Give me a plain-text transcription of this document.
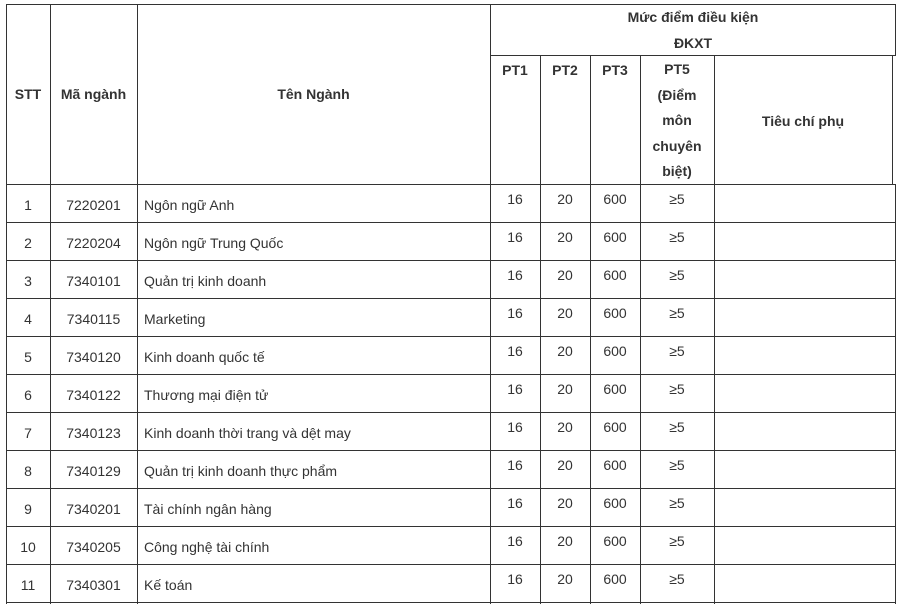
STT	Mã ngành	Tên Ngành
Mức điểm điều kiện
ĐKXT
PT1	PT2	PT3	PT5
(Điểm
môn
chuyên
biệt)
Tiêu chí phụ
1	7220201	Ngôn ngữ Anh	16	20	600	≥5
2	7220204	Ngôn ngữ Trung Quốc	16	20	600	≥5
3	7340101	Quản trị kinh doanh	16	20	600	≥5
4	7340115	Marketing	16	20	600	≥5
5	7340120	Kinh doanh quốc tế	16	20	600	≥5
6	7340122	Thương mại điện tử	16	20	600	≥5
7	7340123	Kinh doanh thời trang và dệt may	16	20	600	≥5
8	7340129	Quản trị kinh doanh thực phẩm	16	20	600	≥5
9	7340201	Tài chính ngân hàng	16	20	600	≥5
10	7340205	Công nghệ tài chính	16	20	600	≥5
11	7340301	Kế toán	16	20	600	≥5
